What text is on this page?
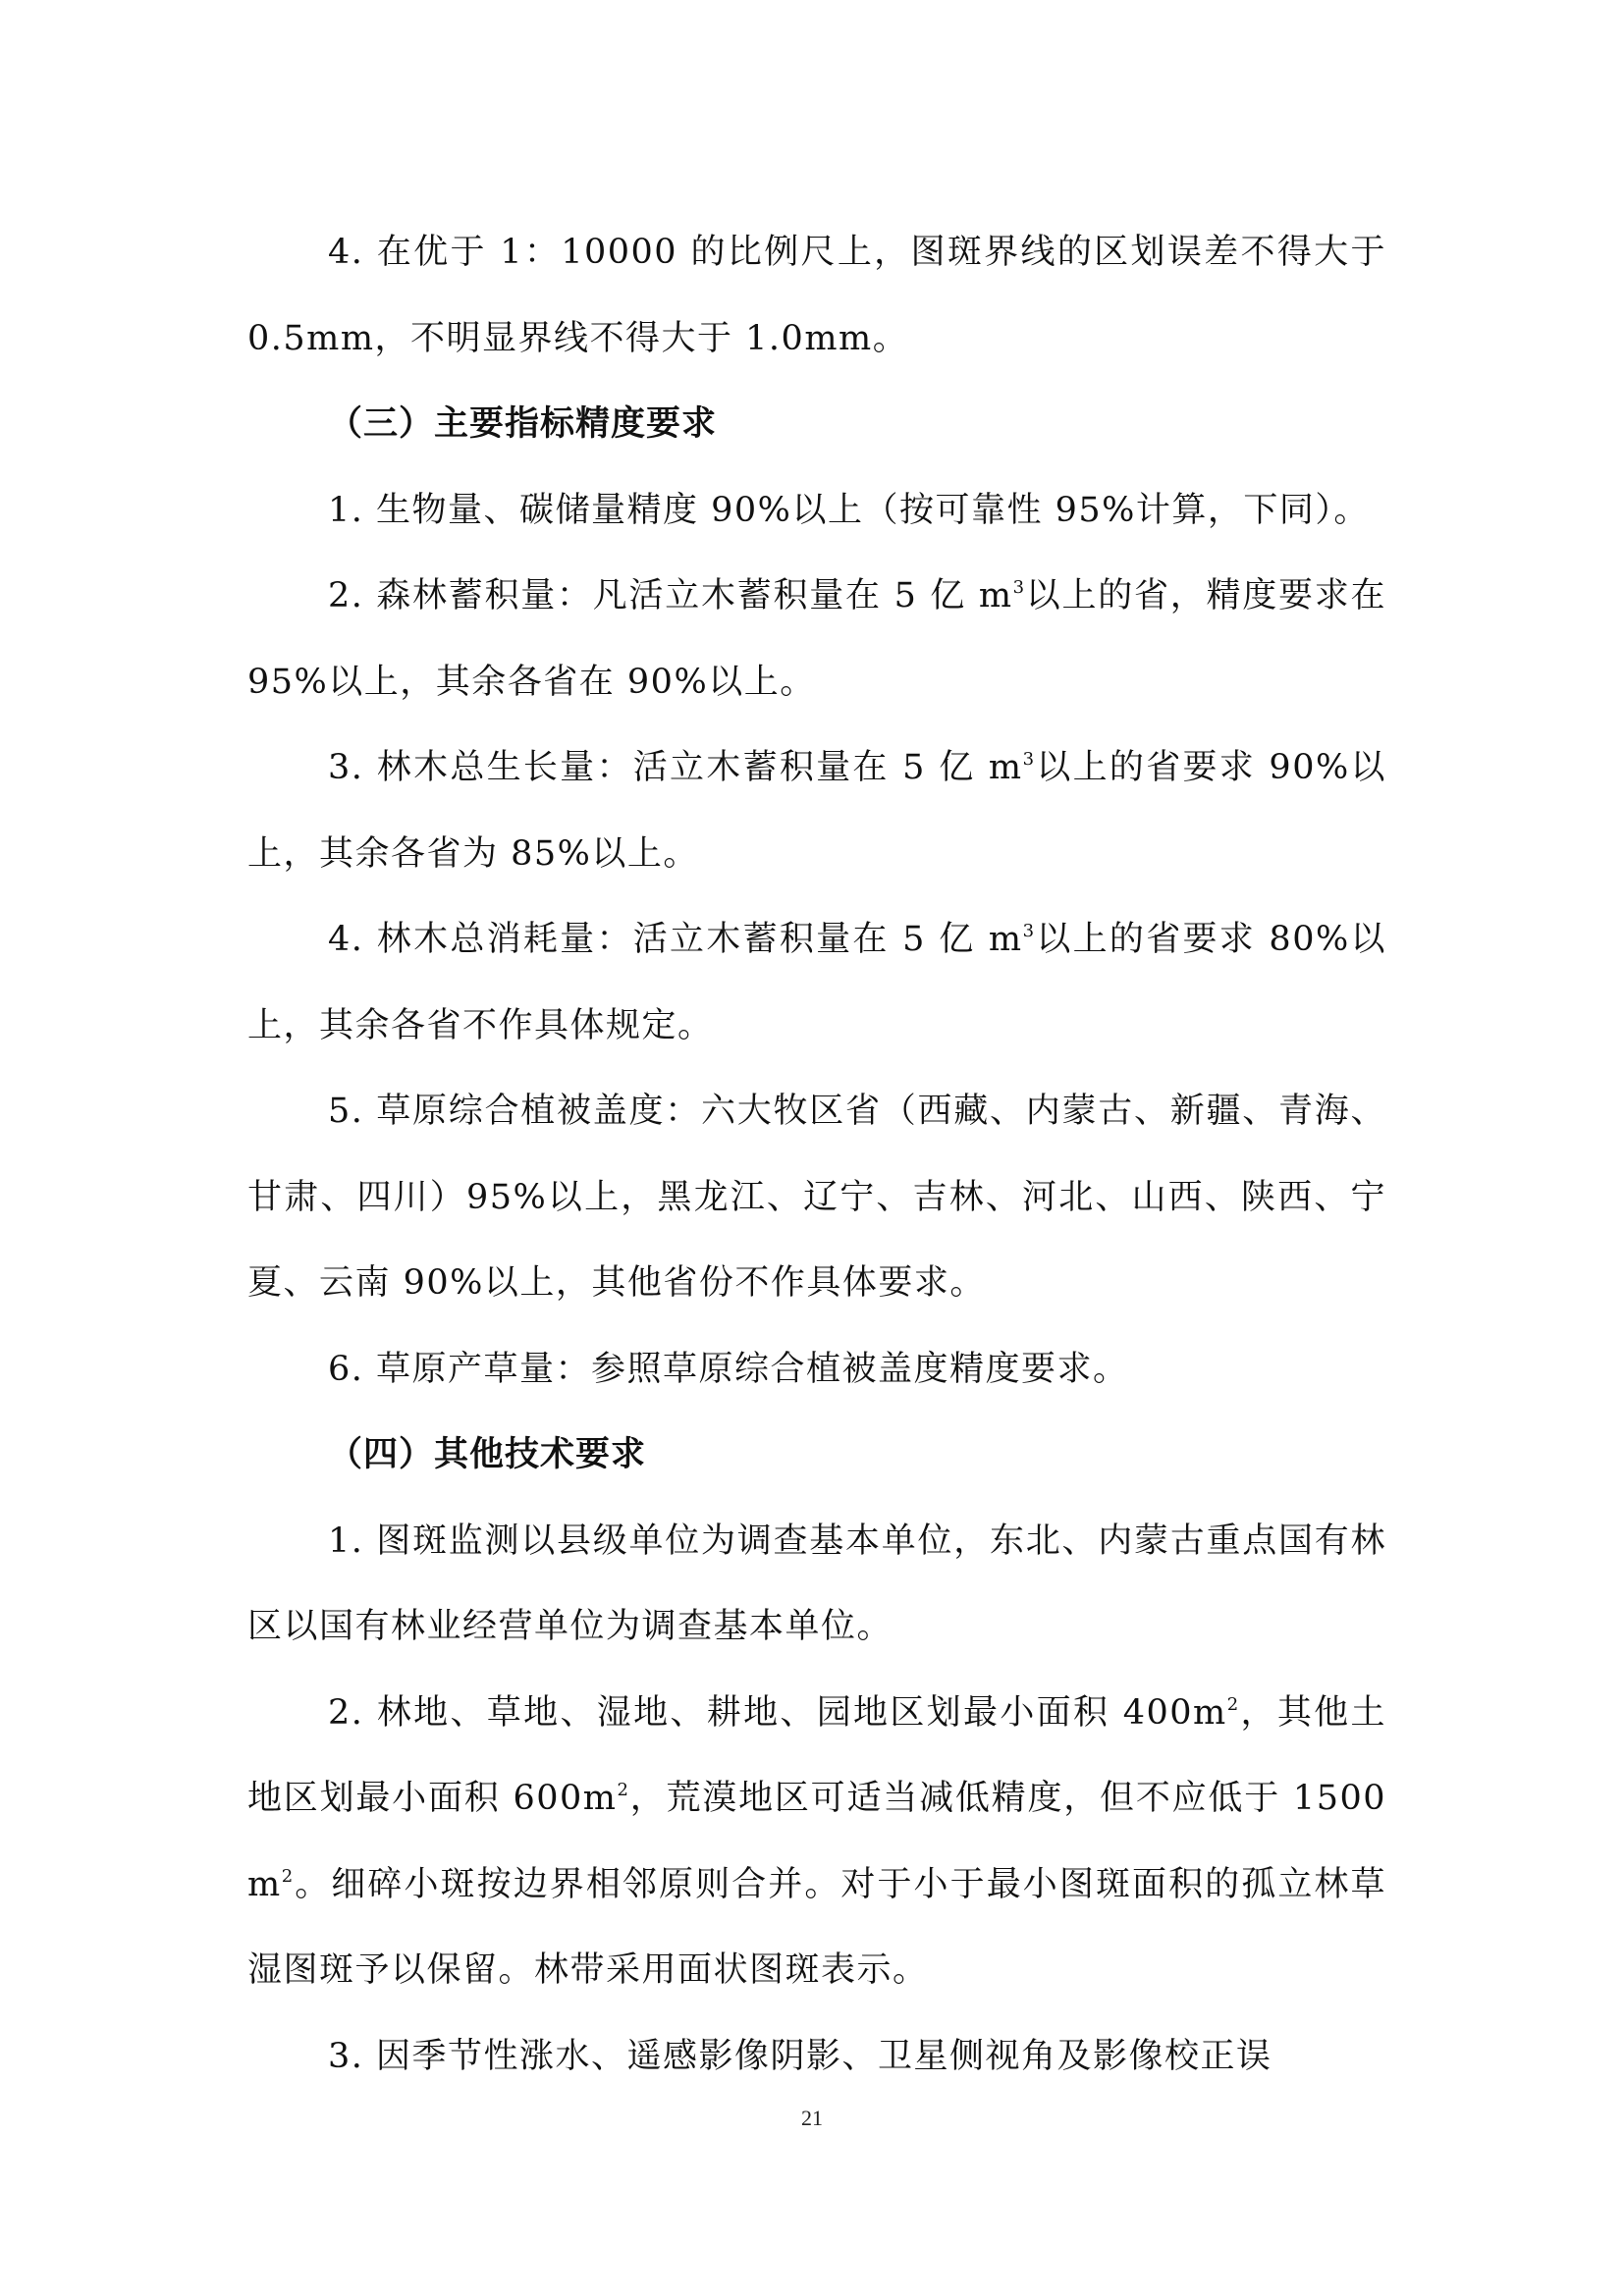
4. 在优于 1：10000 的比例尺上，图斑界线的区划误差不得大于 0.5mm，不明显界线不得大于 1.0mm。

（三）主要指标精度要求

1. 生物量、碳储量精度 90%以上（按可靠性 95%计算，下同）。

2. 森林蓄积量：凡活立木蓄积量在 5 亿 $m^3$以上的省，精度要求在 95%以上，其余各省在 90%以上。

3. 林木总生长量：活立木蓄积量在 5 亿 $m^3$以上的省要求 90%以上，其余各省为 85%以上。

4. 林木总消耗量：活立木蓄积量在 5 亿 $m^3$以上的省要求 80%以上，其余各省不作具体规定。

5. 草原综合植被盖度：六大牧区省（西藏、内蒙古、新疆、青海、甘肃、四川）95%以上，黑龙江、辽宁、吉林、河北、山西、陕西、宁夏、云南 90%以上，其他省份不作具体要求。

6. 草原产草量：参照草原综合植被盖度精度要求。

（四）其他技术要求

1. 图斑监测以县级单位为调查基本单位，东北、内蒙古重点国有林区以国有林业经营单位为调查基本单位。

2. 林地、草地、湿地、耕地、园地区划最小面积 $400m^2$，其他土地区划最小面积 $600m^2$，荒漠地区可适当减低精度，但不应低于 $1500m^2$。细碎小斑按边界相邻原则合并。对于小于最小图斑面积的孤立林草湿图斑予以保留。林带采用面状图斑表示。

3. 因季节性涨水、遥感影像阴影、卫星侧视角及影像校正误

21
